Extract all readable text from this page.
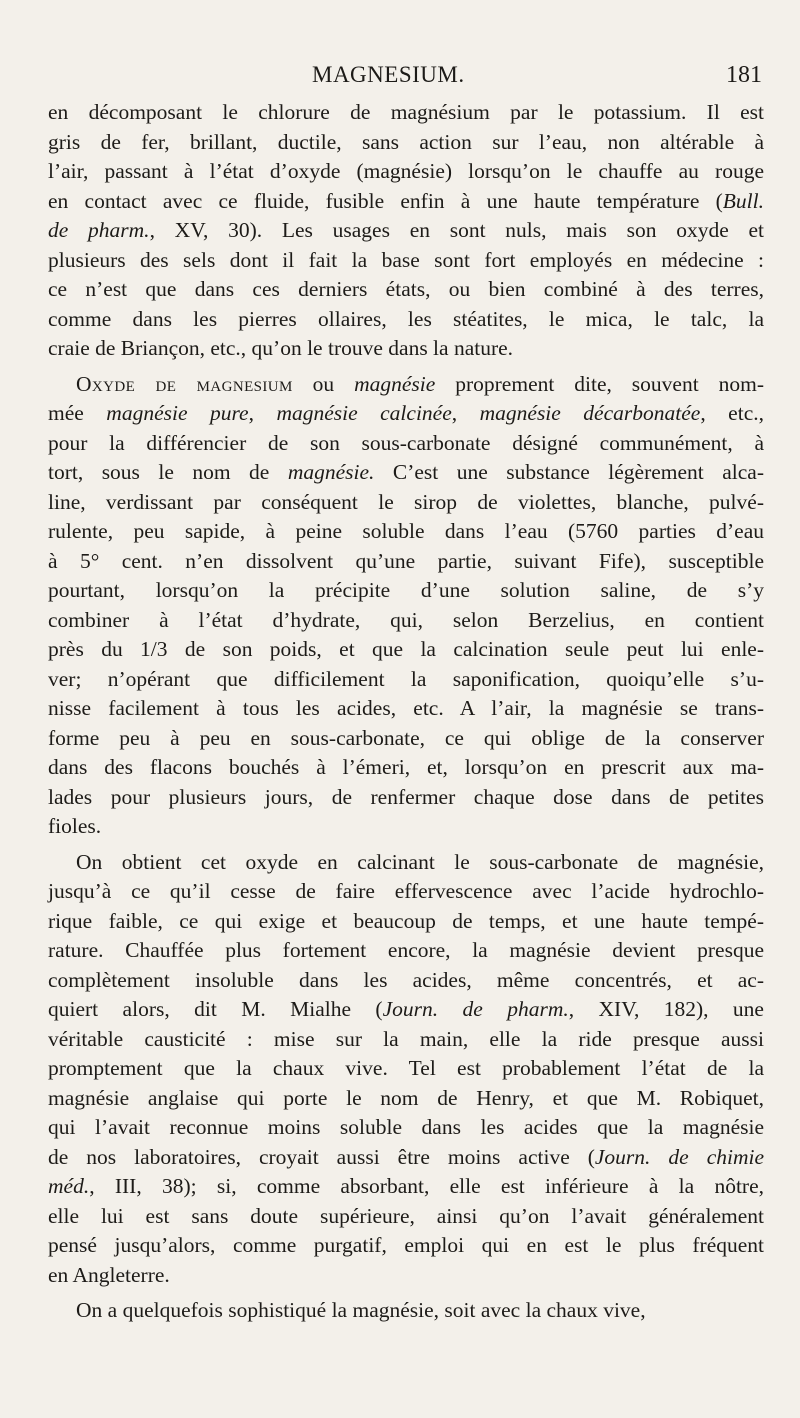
MAGNESIUM.	181
en décomposant le chlorure de magnésium par le potassium. Il est
gris de fer, brillant, ductile, sans action sur l’eau, non altérable à
l’air, passant à l’état d’oxyde (magnésie) lorsqu’on le chauffe au rouge
en contact avec ce fluide, fusible enfin à une haute température (Bull.
de pharm., XV, 30). Les usages en sont nuls, mais son oxyde et
plusieurs des sels dont il fait la base sont fort employés en médecine :
ce n’est que dans ces derniers états, ou bien combiné à des terres,
comme dans les pierres ollaires, les stéatites, le mica, le talc, la
craie de Briançon, etc., qu’on le trouve dans la nature.
Oxyde de magnesium ou magnésie proprement dite, souvent nom-
mée magnésie pure, magnésie calcinée, magnésie décarbonatée, etc.,
pour la différencier de son sous-carbonate désigné communément, à
tort, sous le nom de magnésie. C’est une substance légèrement alca-
line, verdissant par conséquent le sirop de violettes, blanche, pulvé-
rulente, peu sapide, à peine soluble dans l’eau (5760 parties d’eau
à 5° cent. n’en dissolvent qu’une partie, suivant Fife), susceptible
pourtant, lorsqu’on la précipite d’une solution saline, de s’y
combiner à l’état d’hydrate, qui, selon Berzelius, en contient
près du 1/3 de son poids, et que la calcination seule peut lui enle-
ver; n’opérant que difficilement la saponification, quoiqu’elle s’u-
nisse facilement à tous les acides, etc. A l’air, la magnésie se trans-
forme peu à peu en sous-carbonate, ce qui oblige de la conserver
dans des flacons bouchés à l’émeri, et, lorsqu’on en prescrit aux ma-
lades pour plusieurs jours, de renfermer chaque dose dans de petites
fioles.
On obtient cet oxyde en calcinant le sous-carbonate de magnésie,
jusqu’à ce qu’il cesse de faire effervescence avec l’acide hydrochlo-
rique faible, ce qui exige et beaucoup de temps, et une haute tempé-
rature. Chauffée plus fortement encore, la magnésie devient presque
complètement insoluble dans les acides, même concentrés, et ac-
quiert alors, dit M. Mialhe (Journ. de pharm., XIV, 182), une
véritable causticité : mise sur la main, elle la ride presque aussi
promptement que la chaux vive. Tel est probablement l’état de la
magnésie anglaise qui porte le nom de Henry, et que M. Robiquet,
qui l’avait reconnue moins soluble dans les acides que la magnésie
de nos laboratoires, croyait aussi être moins active (Journ. de chimie
méd., III, 38); si, comme absorbant, elle est inférieure à la nôtre,
elle lui est sans doute supérieure, ainsi qu’on l’avait généralement
pensé jusqu’alors, comme purgatif, emploi qui en est le plus fréquent
en Angleterre.
On a quelquefois sophistiqué la magnésie, soit avec la chaux vive,
